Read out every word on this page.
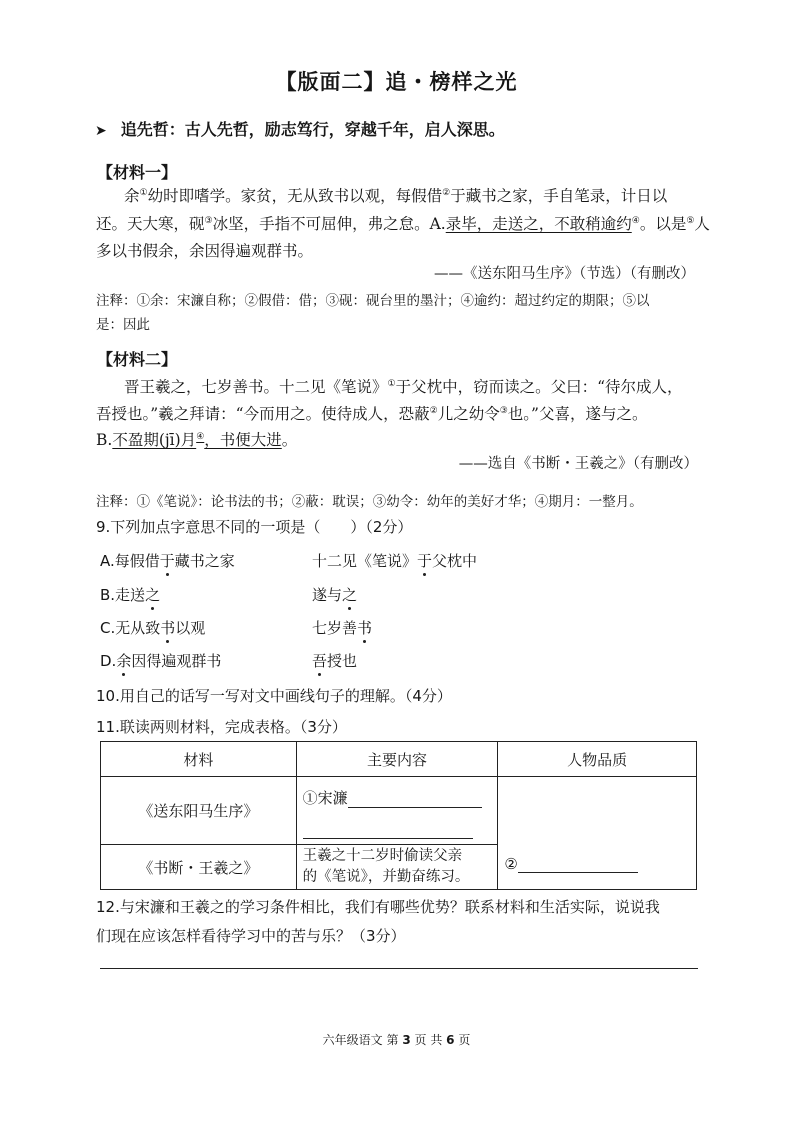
【版面二】追・榜样之光
➤ 追先哲：古人先哲，励志笃行，穿越千年，启人深思。
【材料一】
余①幼时即嗜学。家贫，无从致书以观，每假借②于藏书之家，手自笔录，计日以
还。天大寒，砚③冰坚，手指不可屈伸，弗之怠。A.录毕，走送之，不敢稍逾约④。以是⑤人
多以书假余，余因得遍观群书。
——《送东阳马生序》（节选）（有删改）
注释：①余：宋濂自称；②假借：借；③砚：砚台里的墨汁；④逾约：超过约定的期限；⑤以
是：因此
【材料二】
晋王羲之，七岁善书。十二见《笔说》①于父枕中，窃而读之。父曰：“待尔成人，
吾授也。”羲之拜请：“今而用之。使待成人，恐蔽②儿之幼令③也。”父喜，遂与之。
B.不盈期(jī)月④，书便大进。
——选自《书断・王羲之》（有删改）
注释：①《笔说》：论书法的书；②蔽：耽误；③幼令：幼年的美好才华；④期月：一整月。
9.下列加点字意思不同的一项是（　　）（2分）
A.每假借于藏书之家	十二见《笔说》于父枕中
B.走送之	遂与之
C.无从致书以观	七岁善书
D.余因得遍观群书	吾授也
10.用自己的话写一写对文中画线句子的理解。（4分）
11.联读两则材料，完成表格。（3分）
材料	主要内容	人物品质
《送东阳马生序》	①宋濂	②

《书断・王羲之》	王羲之十二岁时偷读父亲
的《笔说》，并勤奋练习。	
12.与宋濂和王羲之的学习条件相比，我们有哪些优势？联系材料和生活实际，说说我
们现在应该怎样看待学习中的苦与乐？（3分）
六年级语文 第 3 页 共 6 页
